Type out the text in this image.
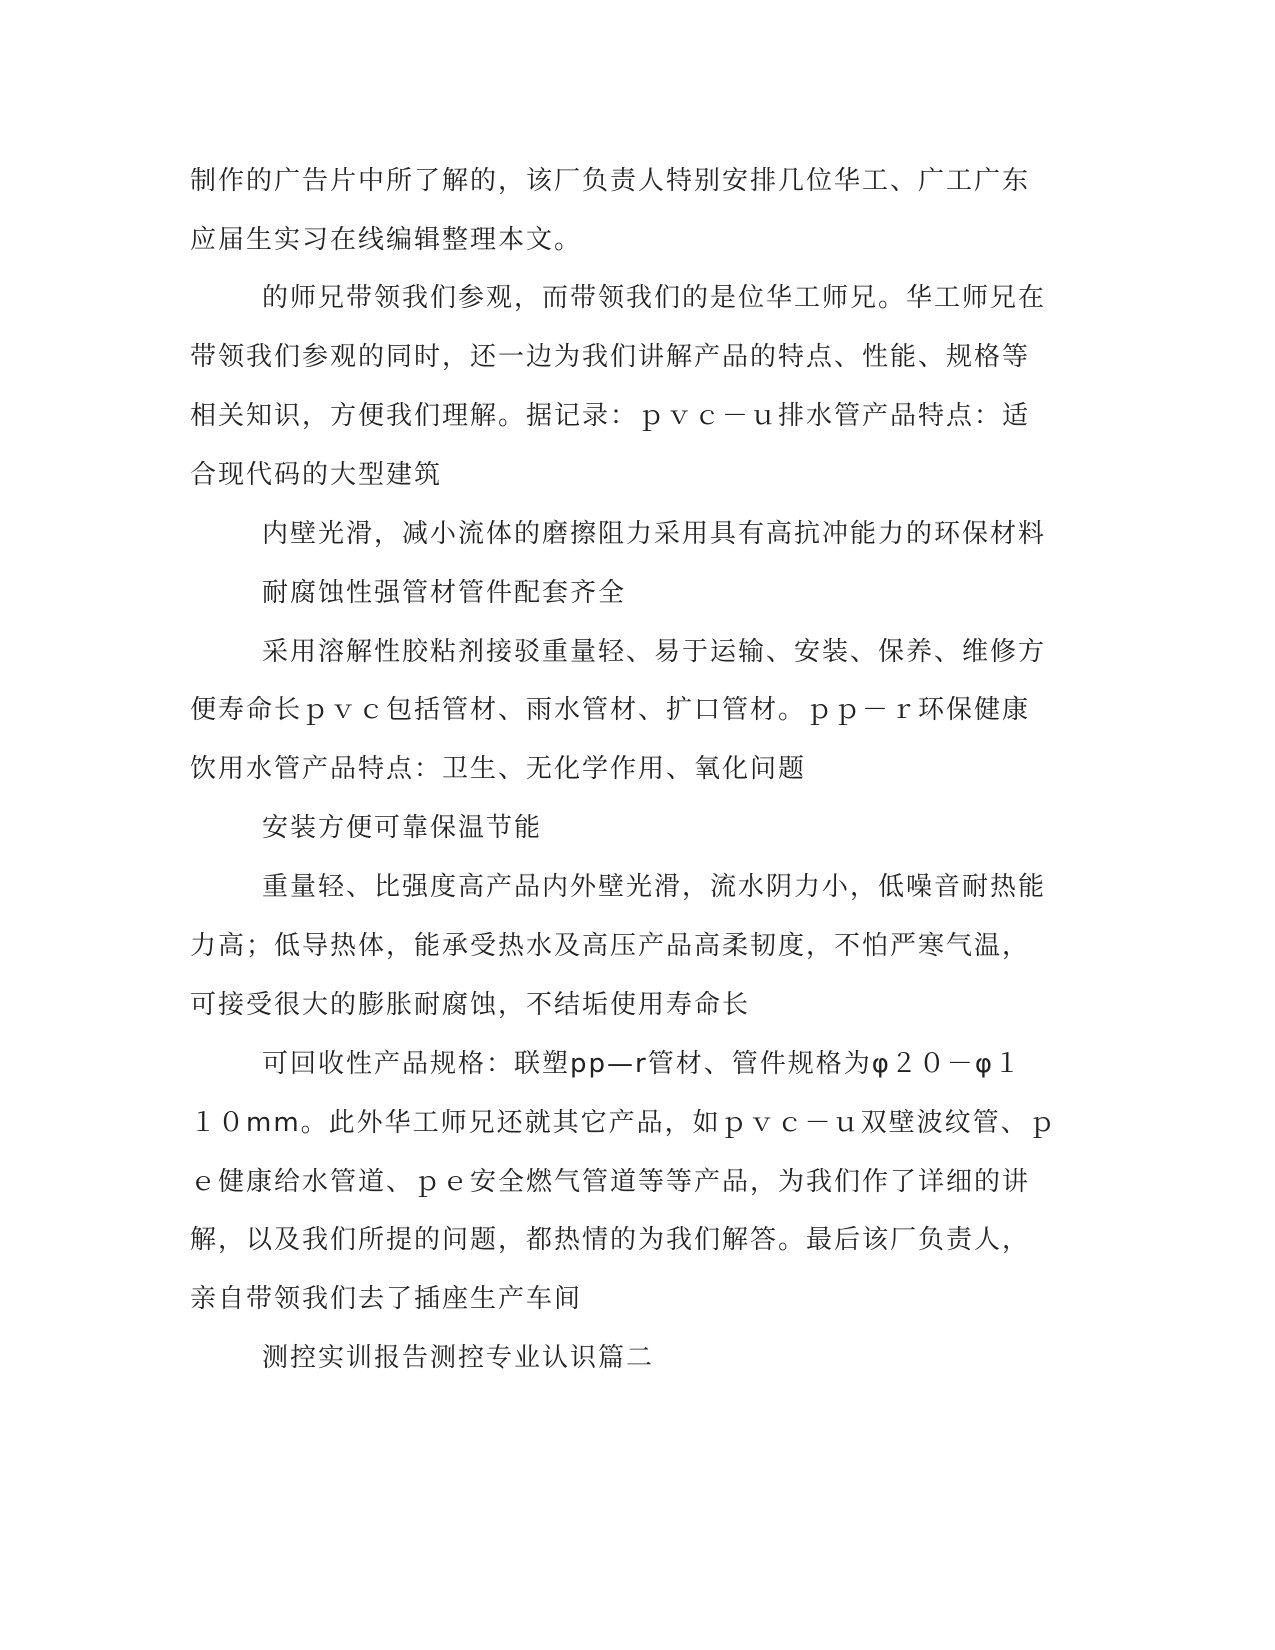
制作的广告片中所了解的，该厂负责人特别安排几位华工、广工广东
应届生实习在线编辑整理本文。
的师兄带领我们参观，而带领我们的是位华工师兄。华工师兄在
带领我们参观的同时，还一边为我们讲解产品的特点、性能、规格等
相关知识，方便我们理解。据记录：ｐｖｃ－ｕ排水管产品特点：适
合现代码的大型建筑
内壁光滑，减小流体的磨擦阻力采用具有高抗冲能力的环保材料
耐腐蚀性强管材管件配套齐全
采用溶解性胶粘剂接驳重量轻、易于运输、安装、保养、维修方
便寿命长ｐｖｃ包括管材、雨水管材、扩口管材。ｐｐ－ｒ环保健康
饮用水管产品特点：卫生、无化学作用、氧化问题
安装方便可靠保温节能
重量轻、比强度高产品内外壁光滑，流水阴力小，低噪音耐热能
力高；低导热体，能承受热水及高压产品高柔韧度，不怕严寒气温，
可接受很大的膨胀耐腐蚀，不结垢使用寿命长
可回收性产品规格：联塑pp—r管材、管件规格为φ２０－φ１
１０mm。此外华工师兄还就其它产品，如ｐｖｃ－ｕ双壁波纹管、ｐ
ｅ健康给水管道、ｐｅ安全燃气管道等等产品，为我们作了详细的讲
解，以及我们所提的问题，都热情的为我们解答。最后该厂负责人，
亲自带领我们去了插座生产车间
测控实训报告测控专业认识篇二
